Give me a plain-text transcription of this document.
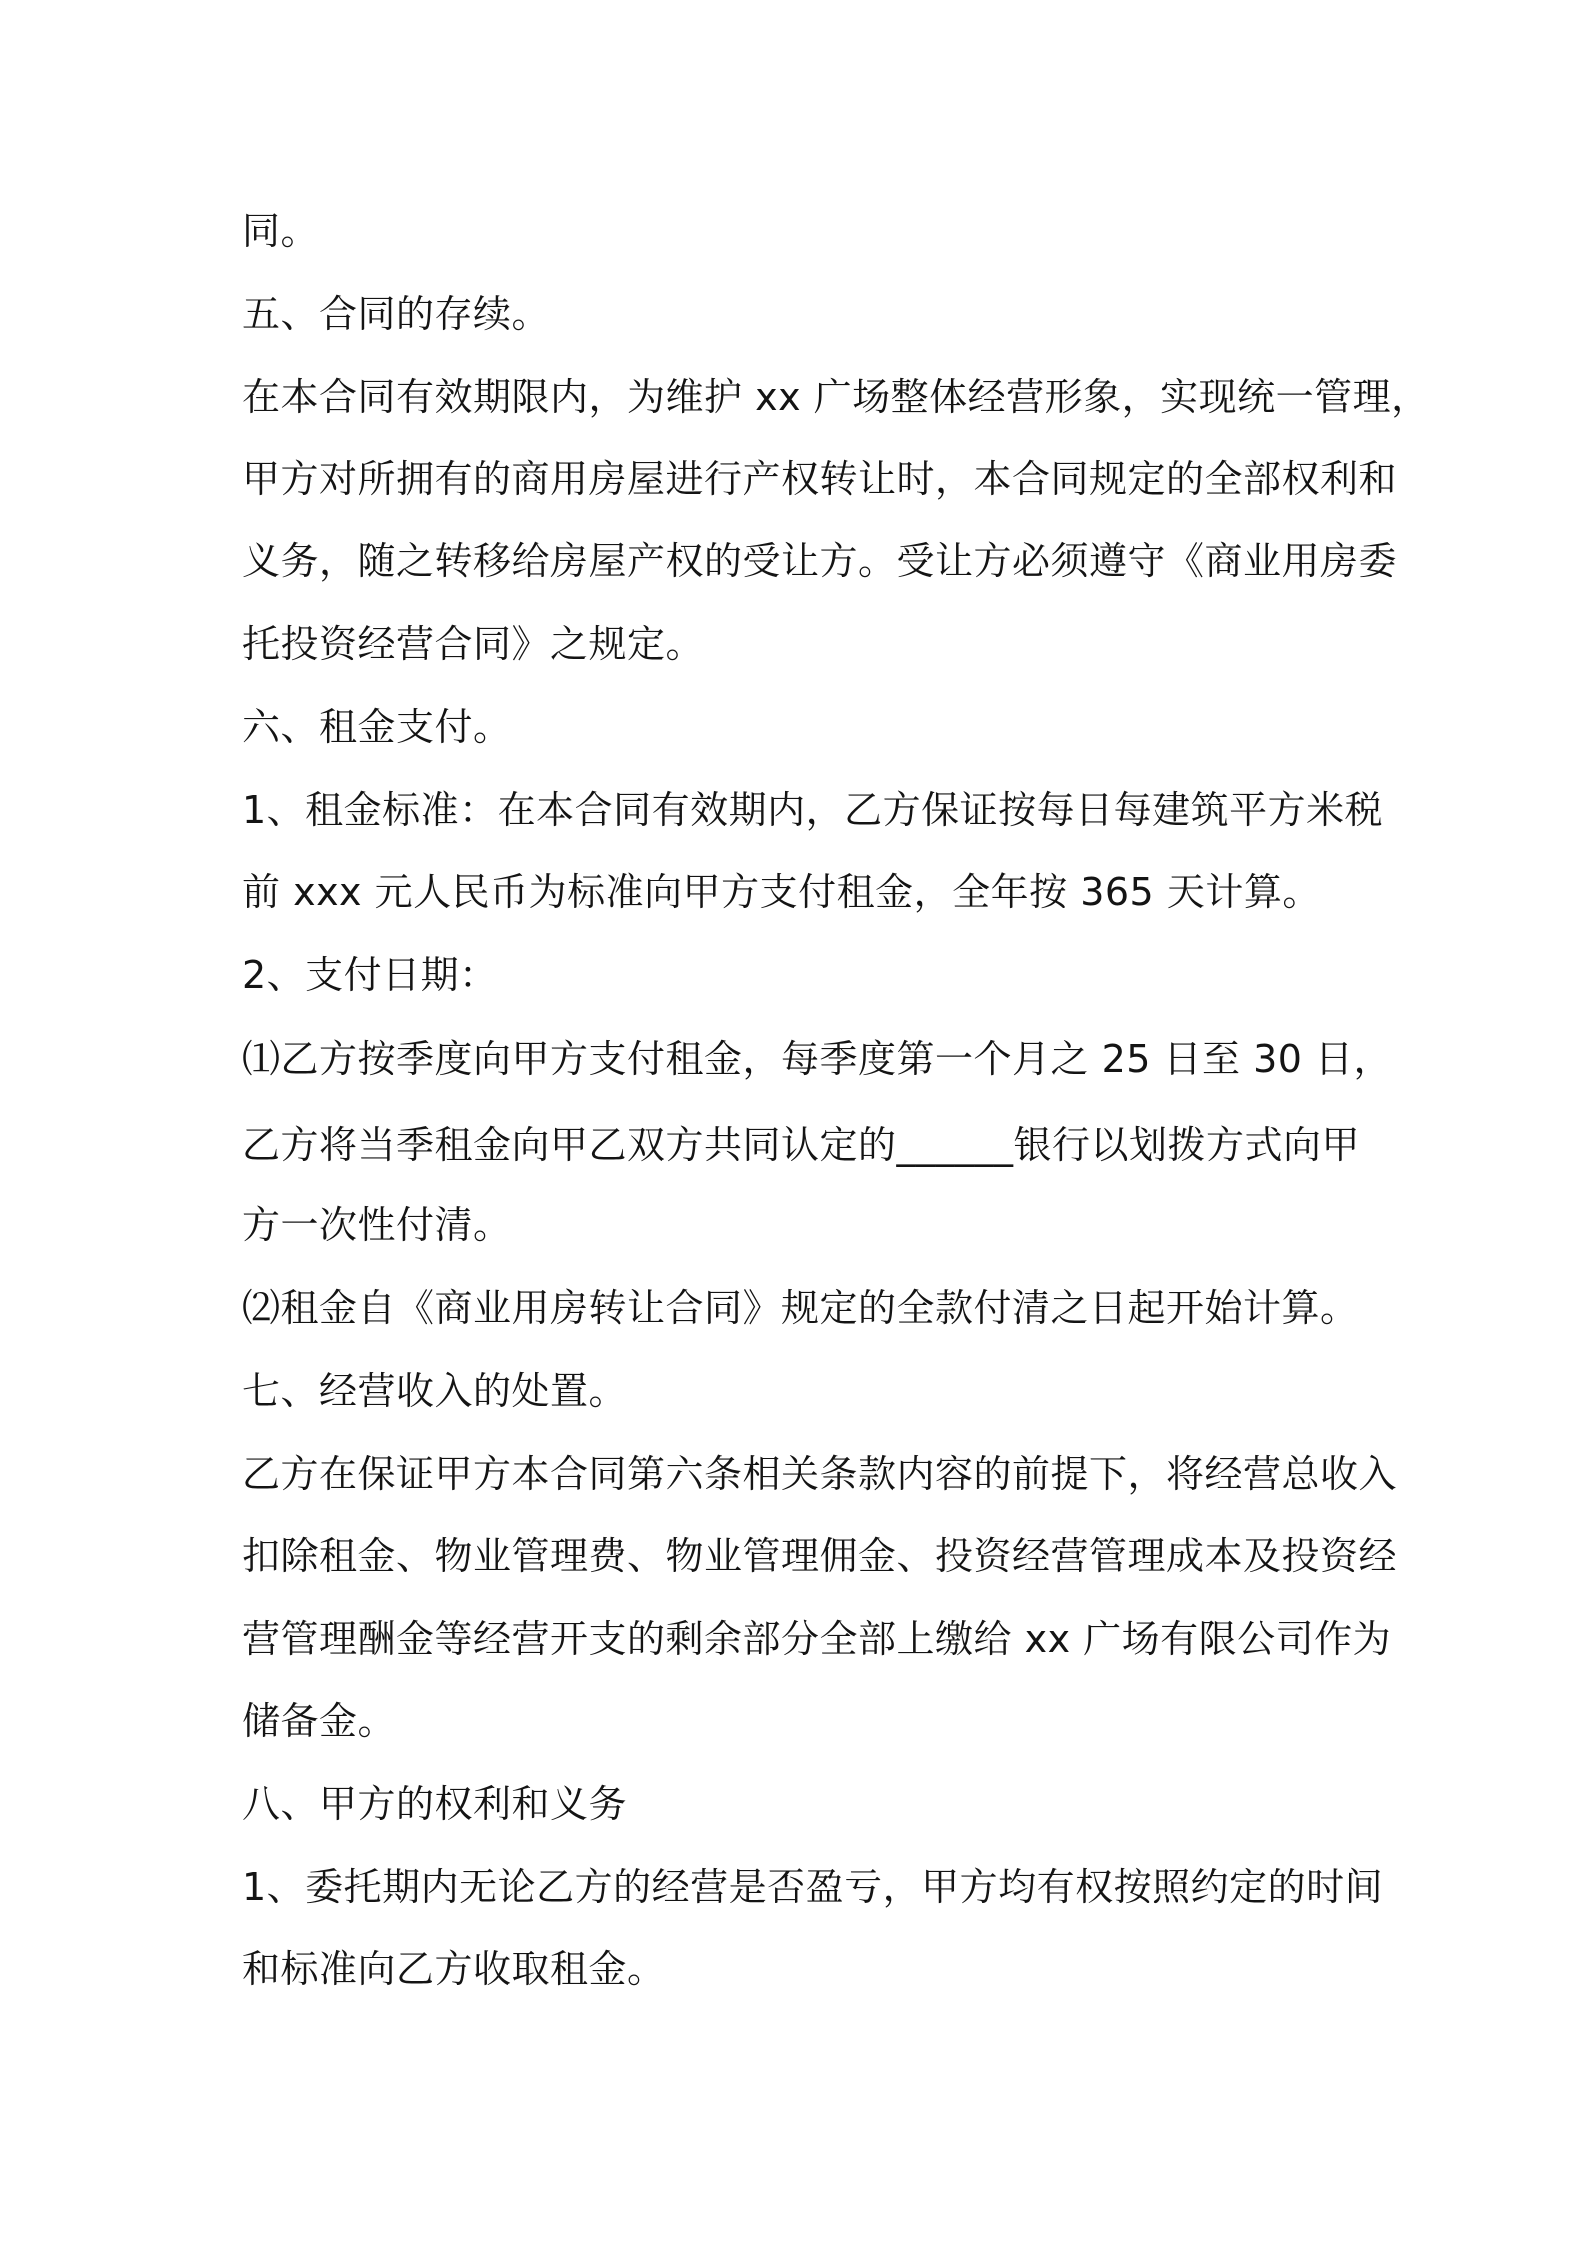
同。
五、合同的存续。
在本合同有效期限内，为维护 xx 广场整体经营形象，实现统一管理，
甲方对所拥有的商用房屋进行产权转让时，本合同规定的全部权利和
义务，随之转移给房屋产权的受让方。受让方必须遵守《商业用房委
托投资经营合同》之规定。
六、租金支付。
1、租金标准：在本合同有效期内，乙方保证按每日每建筑平方米税
前 xxx 元人民币为标准向甲方支付租金，全年按 365 天计算。
2、支付日期：
⑴乙方按季度向甲方支付租金，每季度第一个月之 25 日至 30 日，
乙方将当季租金向甲乙双方共同认定的______银行以划拨方式向甲
方一次性付清。
⑵租金自《商业用房转让合同》规定的全款付清之日起开始计算。
七、经营收入的处置。
乙方在保证甲方本合同第六条相关条款内容的前提下，将经营总收入
扣除租金、物业管理费、物业管理佣金、投资经营管理成本及投资经
营管理酬金等经营开支的剩余部分全部上缴给 xx 广场有限公司作为
储备金。
八、甲方的权利和义务
1、委托期内无论乙方的经营是否盈亏，甲方均有权按照约定的时间
和标准向乙方收取租金。
